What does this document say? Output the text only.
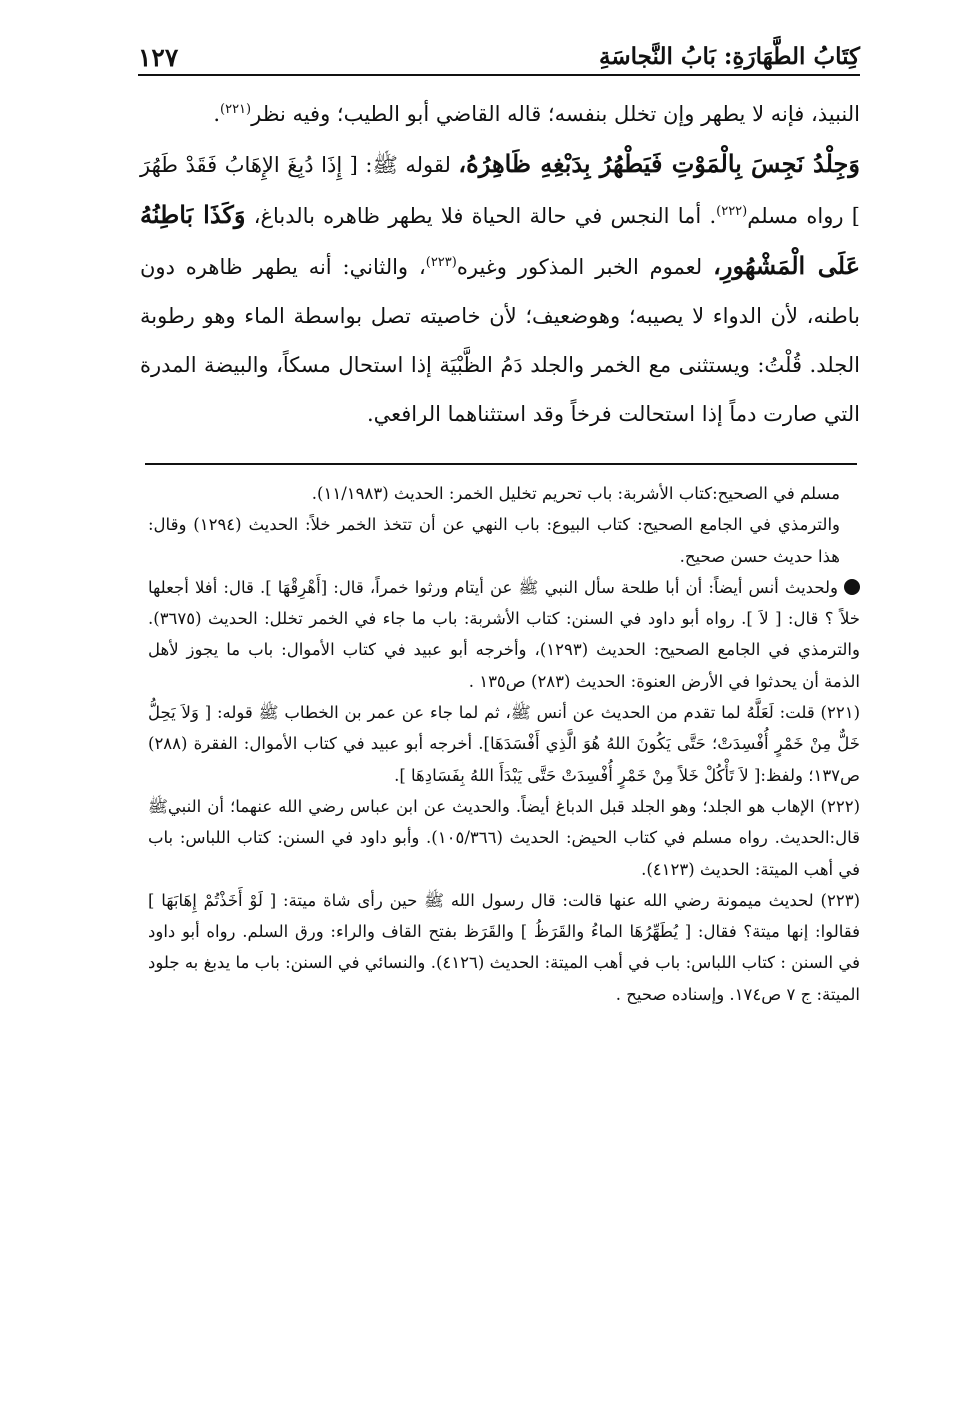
كِتَابُ الطَّهَارَةِ: بَابُ النَّجاسَةِ
١٢٧

النبيذ، فإنه لا يطهر وإن تخلل بنفسه؛ قاله القاضي أبو الطيب؛ وفيه نظر$^{(٢٢١)}$.

وَجِلْدُ نَجِسَ بِالْمَوْتِ فَيَطْهُرُ بِدَبْغِهِ ظَاهِرُهُ، لقوله ﷺ: [ إِذَا دُبِغَ الإِهَابُ فَقَدْ طَهُرَ ] رواه مسلم$^{(٢٢٢)}$. أما النجس في حالة الحياة فلا يطهر ظاهره بالدباغ، وَكَذَا بَاطِنُهُ عَلَى الْمَشْهُورِ، لعموم الخبر المذكور وغيره$^{(٢٢٣)}$، والثاني: أنه يطهر ظاهره دون باطنه، لأن الدواء لا يصيبه؛ وهوضعيف؛ لأن خاصيته تصل بواسطة الماء وهو رطوبة الجلد. قُلْتُ: ويستثنى مع الخمر والجلد دَمُ الظَّبْيَة إذا استحال مسكاً، والبيضة المدرة التي صارت دماً إذا استحالت فرخاً وقد استثناهما الرافعي.

مسلم في الصحيح:كتاب الأشربة: باب تحريم تخليل الخمر: الحديث (١١/١٩٨٣).

والترمذي في الجامع الصحيح: كتاب البيوع: باب النهي عن أن تتخذ الخمر خلاً: الحديث (١٢٩٤) وقال: هذا حديث حسن صحيح.

ولحديث أنس أيضاً: أن أبا طلحة سأل النبي ﷺ عن أيتام ورثوا خمراً، قال: [أَهْرِقْهَا ]. قال: أفلا أجعلها خلاً ؟ قال: [ لاَ ]. رواه أبو داود في السنن: كتاب الأشربة: باب ما جاء في الخمر تخلل: الحديث (٣٦٧٥). والترمذي في الجامع الصحيح: الحديث (١٢٩٣)، وأخرجه أبو عبيد في كتاب الأموال: باب ما يجوز لأهل الذمة أن يحدثوا في الأرض العنوة: الحديث (٢٨٣) ص١٣٥ .

(٢٢١) قلت: لَعَلَّهُ لما تقدم من الحديث عن أنس ﷺ، ثم لما جاء عن عمر بن الخطاب ﷺ قوله: [ وَلاَ يَحِلُّ خَلٌّ مِنْ خَمْرٍ أُفْسِدَتْ؛ حَتَّى يَكُونَ اللهُ هُوَ الَّذِي أَفْسَدَهَا]. أخرجه أبو عبيد في كتاب الأموال: الفقرة (٢٨٨) ص١٣٧؛ ولفظ:[ لاَ تَأْكُلْ خَلاً مِنْ خَمْرٍ أُفْسِدَتْ حَتَّى يَبْدَأَ اللهُ بِفَسَادِهَا ].

(٢٢٢) الإهاب هو الجلد؛ وهو الجلد قبل الدباغ أيضاً. والحديث عن ابن عباس رضي الله عنهما؛ أن النبيﷺ قال:الحديث. رواه مسلم في كتاب الحيض: الحديث (١٠٥/٣٦٦). وأبو داود في السنن: كتاب اللباس: باب في أهب الميتة: الحديث (٤١٢٣).

(٢٢٣) لحديث ميمونة رضي الله عنها قالت: قال رسول الله ﷺ حين رأى شاة ميتة: [ لَوْ أَخَذْتُمْ إِهَابَهَا ] فقالوا: إنها ميتة؟ فقال: [ يُطَهِّرُهَا الماءُ والقَرَظُ ] والقَرَظ بفتح القاف والراء: ورق السلم. رواه أبو داود في السنن : كتاب اللباس: باب في أهب الميتة: الحديث (٤١٢٦). والنسائي في السنن: باب ما يدبغ به جلود الميتة: ج ٧ ص١٧٤. وإسناده صحيح .
